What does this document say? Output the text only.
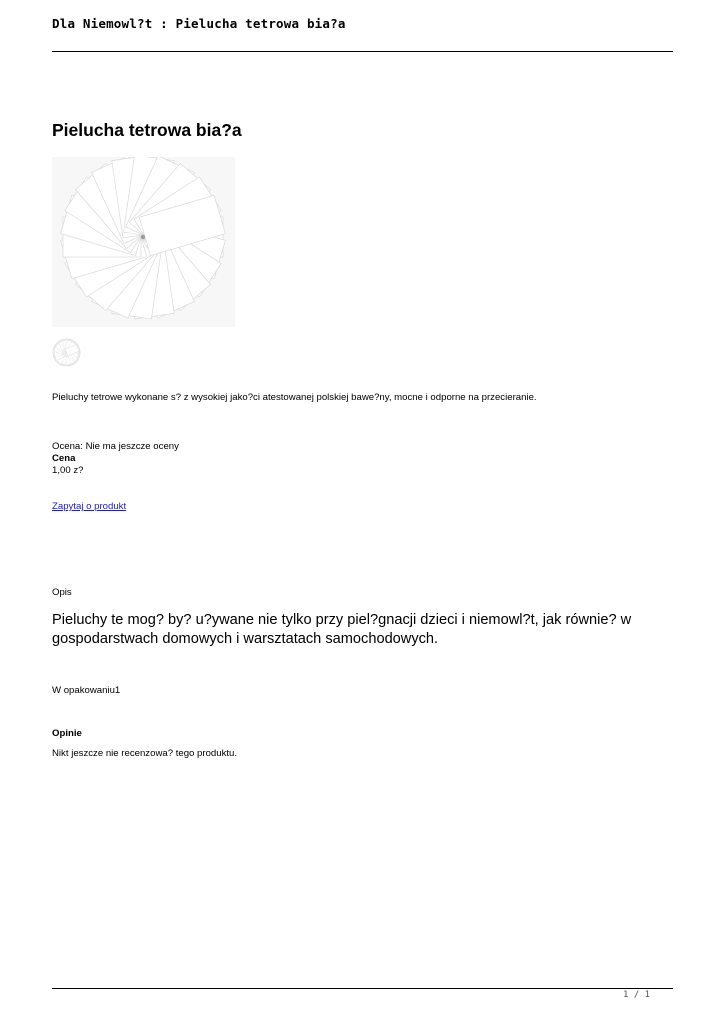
Dla Niemowl?t : Pielucha tetrowa bia?a
Pielucha tetrowa bia?a
Pieluchy tetrowe wykonane s? z wysokiej jako?ci atestowanej polskiej bawe?ny, mocne i odporne na przecieranie.
Ocena: Nie ma jeszcze oceny
Cena
1,00 z?
Zapytaj o produkt
Opis
Pieluchy te mog? by? u?ywane nie tylko przy piel?gnacji dzieci i niemowl?t, jak równie? w gospodarstwach domowych i warsztatach samochodowych.
W opakowaniu1
Opinie
Nikt jeszcze nie recenzowa? tego produktu.
1 / 1
